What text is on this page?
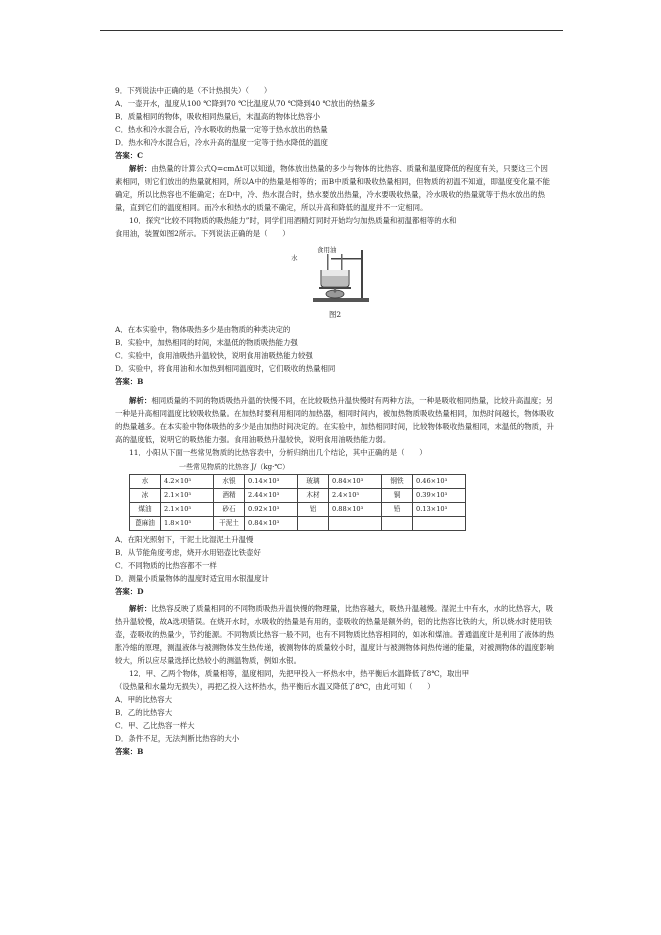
9．下列说法中正确的是（不计热损失）（　　）

A．一壶开水，温度从100 ℃降到70 ℃比温度从70 ℃降到40 ℃放出的热量多

B．质量相同的物体，吸收相同热量后，末温高的物体比热容小

C．热水和冷水混合后，冷水吸收的热量一定等于热水放出的热量

D．热水和冷水混合后，冷水升高的温度一定等于热水降低的温度

答案：C

解析：由热量的计算公式Q=cmΔt可以知道，物体放出热量的多少与物体的比热容、质量和温度降低的程度有关，只要这三个因素相同，则它们放出的热量就相同，所以A中的热量是相等的；而B中质量和吸收热量相同，但物质的初温不知道，即温度变化量不能确定，所以比热容也不能确定；在D中，冷、热水混合时，热水要放出热量，冷水要吸收热量，冷水吸收的热量就等于热水放出的热量，直到它们的温度相同。而冷水和热水的质量不确定，所以升高和降低的温度并不一定相同。

10．探究“比较不同物质的吸热能力”时，同学们用酒精灯同时开始均匀加热质量和初温都相等的水和

食用油，装置如图2所示。下列说法正确的是（　　）

水
食用油

图2

A．在本实验中，物体吸热多少是由物质的种类决定的

B．实验中，加热相同的时间，末温低的物质吸热能力强

C．实验中，食用油吸热升温较快，说明食用油吸热能力较强

D．实验中，将食用油和水加热到相同温度时，它们吸收的热量相同

答案：B

解析：相同质量的不同的物质吸热升温的快慢不同，在比较吸热升温快慢时有两种方法，一种是吸收相同热量，比较升高温度；另一种是升高相同温度比较吸收热量。在加热时要利用相同的加热器，相同时间内，被加热物质吸收热量相同，加热时间越长，物体吸收的热量越多。在本实验中物体吸热的多少是由加热时间决定的。在实验中，加热相同时间，比较物体吸收热量相同，末温低的物质，升高的温度低，说明它的吸热能力强。食用油吸热升温较快，说明食用油吸热能力弱。

11．小阳从下面一些常见物质的比热容表中，分析归纳出几个结论，其中正确的是（　　）

一些常见物质的比热容 J/（kg·℃）
水	4.2×10³	水银	0.14×10³	玻璃	0.84×10³	钢铁	0.46×10³
冰	2.1×10³	酒精	2.44×10³	木材	2.4×10³	铜	0.39×10³
煤油	2.1×10³	砂石	0.92×10³	铝	0.88×10³	铅	0.13×10³
蓖麻油	1.8×10³	干泥土	0.84×10³				

A．在阳光照射下，干泥土比湿泥土升温慢

B．从节能角度考虑，烧开水用铝壶比铁壶好

C．不同物质的比热容都不一样

D．测量小质量物体的温度时适宜用水银温度计

答案：D

解析：比热容反映了质量相同的不同物质吸热升温快慢的物理量，比热容越大，吸热升温越慢。湿泥土中有水，水的比热容大，吸热升温较慢，故A选项错误。在烧开水时，水吸收的热量是有用的，壶吸收的热量是额外的，铝的比热容比铁的大，所以烧水时使用铁壶，壶吸收的热量少，节约能源。不同物质比热容一般不同，也有不同物质比热容相同的，如冰和煤油。普通温度计是利用了液体的热胀冷缩的原理，测温液体与被测物体发生热传递，被测物体的质量较小时，温度计与被测物体间热传递的能量，对被测物体的温度影响较大，所以应尽量选择比热较小的测温物质，例如水银。

12．甲、乙两个物体，质量相等，温度相同，先把甲投入一杯热水中，热平衡后水温降低了8℃，取出甲

（设热量和水量均无损失），再把乙投入这杯热水，热平衡后水温又降低了8℃，由此可知（　　）

A．甲的比热容大

B．乙的比热容大

C．甲、乙比热容一样大

D．条件不足，无法判断比热容的大小

答案：B
